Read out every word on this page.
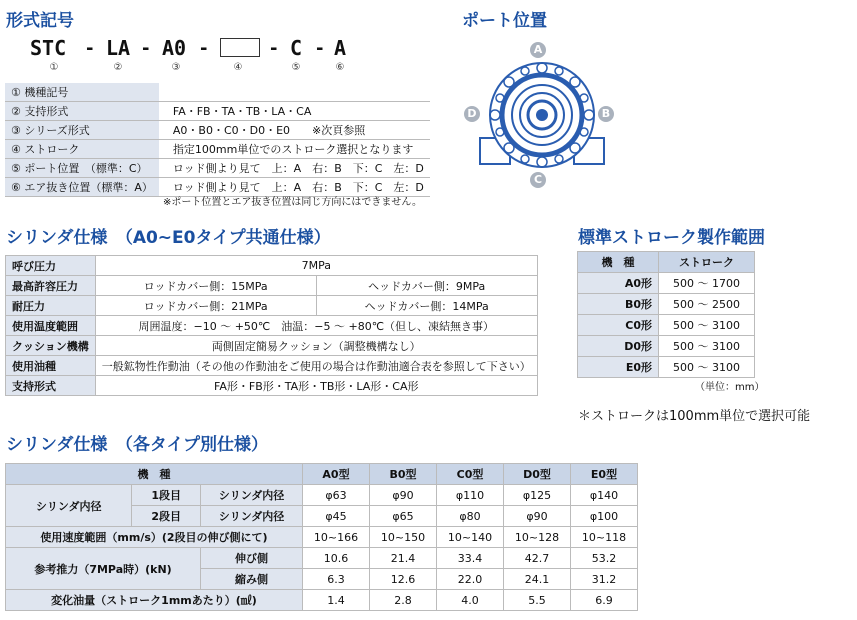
形式記号	ポート位置
STC - LA - A0 -	- C - A
①	②	③	④	⑤	⑥
① 機種記号	
② 支持形式	FA・FB・TA・TB・LA・CA
③ シリーズ形式	A0・B0・C0・D0・E0　　※次頁参照
④ ストローク	指定100mm単位でのストローク選択となります
⑤ ポート位置　（標準：C）	ロッド側より見て　上：A　右：B　下：C　左：D
⑥ エア抜き位置（標準：A）	ロッド側より見て　上：A　右：B　下：C　左：D
※ポート位置とエア抜き位置は同じ方向にはできません。
A
B
C
D
シリンダ仕様　（A0~E0タイプ共通仕様）
呼び圧力	7MPa	
最高許容圧力	ロッドカバー側：15MPa	ヘッドカバー側：9MPa
耐圧力	ロッドカバー側：21MPa	ヘッドカバー側：14MPa
使用温度範囲	周囲温度：−10 ～ +50℃　油温：−5 ～ +80℃（但し、凍結無き事）	
クッション機構	両側固定簡易クッション（調整機構なし）	
使用油種	一般鉱物性作動油（その他の作動油をご使用の場合は作動油適合表を参照して下さい）	
支持形式	FA形・FB形・TA形・TB形・LA形・CA形	
標準ストローク製作範囲
機　種	ストローク
A0形	500 ～ 1700
B0形	500 ～ 2500
C0形	500 ～ 3100
D0形	500 ～ 3100
E0形	500 ～ 3100
（単位：mm）
＊ストロークは100mm単位で選択可能
シリンダ仕様　（各タイプ別仕様）
機　種			A0型	B0型	C0型	D0型	E0型
シリンダ内径	1段目	シリンダ内径	φ63	φ90	φ110	φ125	φ140
	2段目	シリンダ内径	φ45	φ65	φ80	φ90	φ100
使用速度範囲（mm/s）(2段目の伸び側にて)			10~166	10~150	10~140	10~128	10~118
参考推力（7MPa時）(kN)		伸び側	10.6	21.4	33.4	42.7	53.2
		縮み側	6.3	12.6	22.0	24.1	31.2
変化油量（ストローク1mmあたり）(㎖)			1.4	2.8	4.0	5.5	6.9
